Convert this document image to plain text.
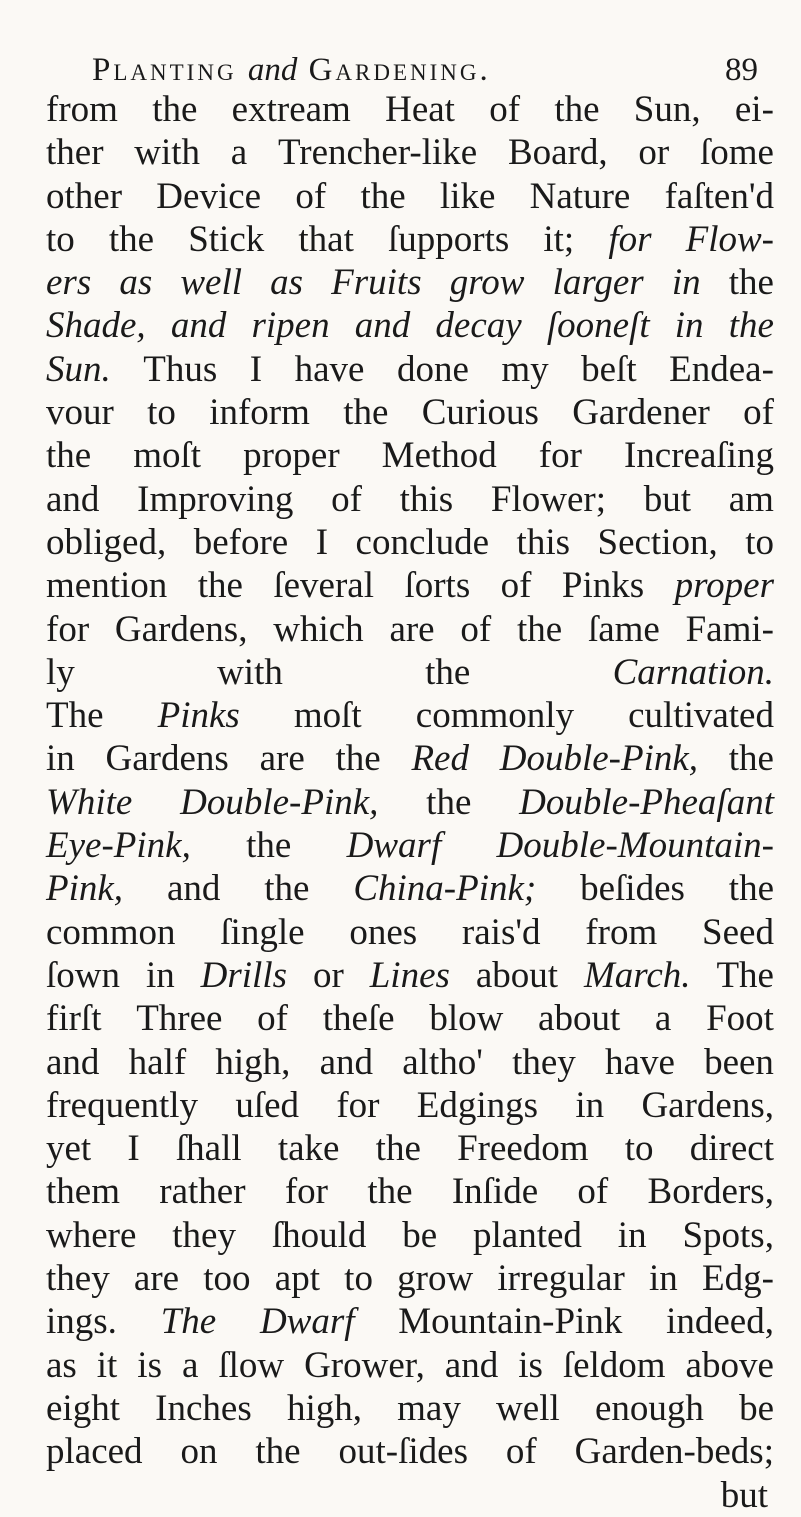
Planting and Gardening.	89
from the extream Heat of the Sun, ei-
ther with a Trencher-like Board, or ſome
other Device of the like Nature faſten'd
to the Stick that ſupports it; for Flow-
ers as well as Fruits grow larger in the
Shade, and ripen and decay ſooneſt in the
Sun. Thus I have done my beſt Endea-
vour to inform the Curious Gardener of
the moſt proper Method for Increaſing
and Improving of this Flower; but am
obliged, before I conclude this Section, to
mention the ſeveral ſorts of Pinks proper
for Gardens, which are of the ſame Fami-
ly	with	the	Carnation.
The Pinks moſt commonly cultivated
in Gardens are the Red Double-Pink, the
White Double-Pink, the Double-Pheaſant
Eye-Pink, the Dwarf Double-Mountain-
Pink, and the China-Pink; beſides the
common ſingle ones rais'd from Seed
ſown in Drills or Lines about March. The
firſt Three of theſe blow about a Foot
and half high, and altho' they have been
frequently uſed for Edgings in Gardens,
yet I ſhall take the Freedom to direct
them rather for the Inſide of Borders,
where they ſhould be planted in Spots,
they are too apt to grow irregular in Edg-
ings. The Dwarf Mountain-Pink indeed,
as it is a ſlow Grower, and is ſeldom above
eight Inches high, may well enough be
placed on the out-ſides of Garden-beds;
but
